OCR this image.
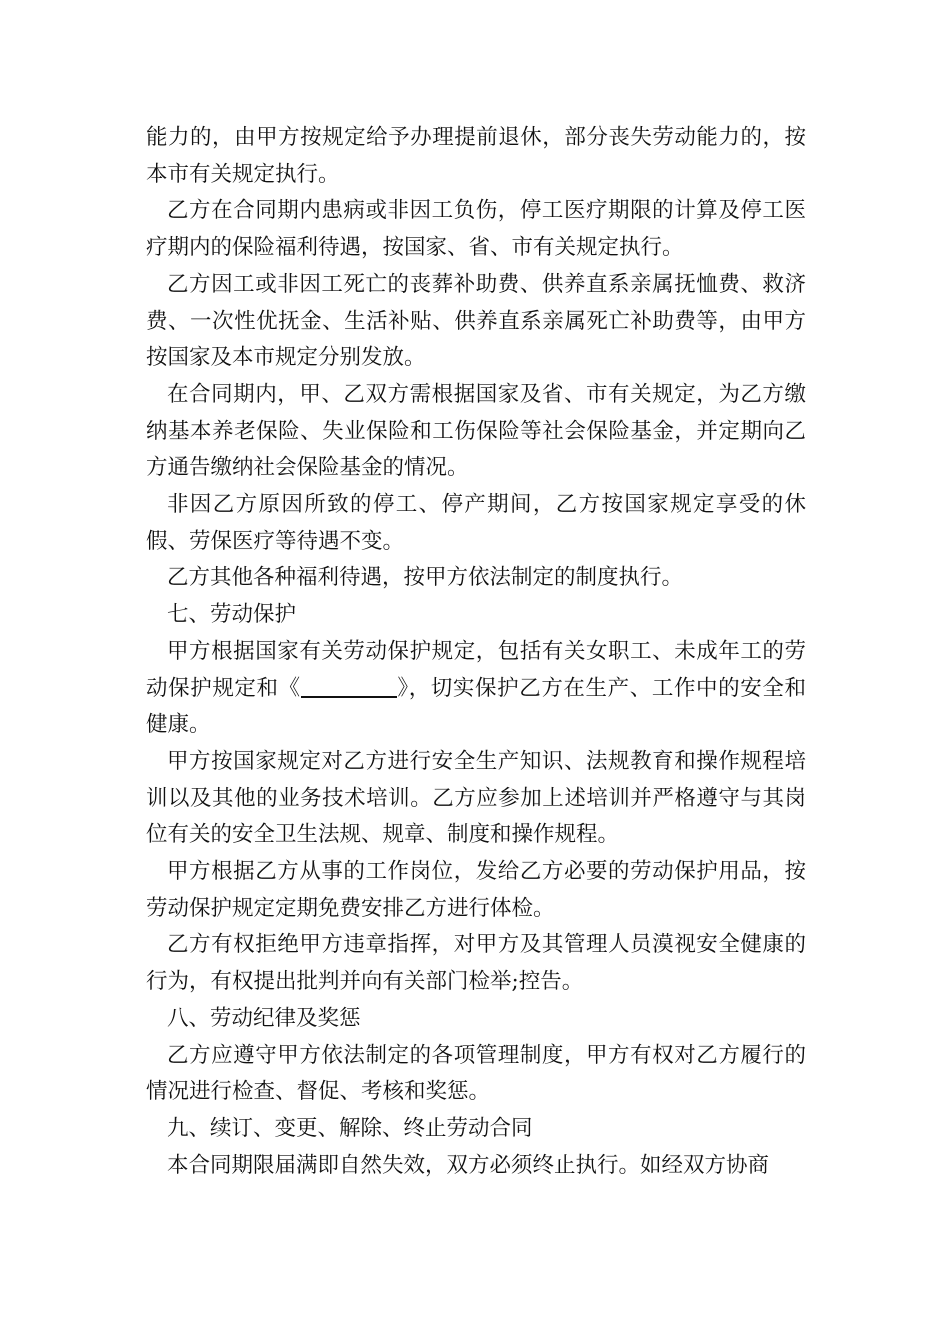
能力的，由甲方按规定给予办理提前退休，部分丧失劳动能力的，按本市有关规定执行。

乙方在合同期内患病或非因工负伤，停工医疗期限的计算及停工医疗期内的保险福利待遇，按国家、省、市有关规定执行。

乙方因工或非因工死亡的丧葬补助费、供养直系亲属抚恤费、救济费、一次性优抚金、生活补贴、供养直系亲属死亡补助费等，由甲方按国家及本市规定分别发放。

在合同期内，甲、乙双方需根据国家及省、市有关规定，为乙方缴纳基本养老保险、失业保险和工伤保险等社会保险基金，并定期向乙方通告缴纳社会保险基金的情况。

非因乙方原因所致的停工、停产期间，乙方按国家规定享受的休假、劳保医疗等待遇不变。

乙方其他各种福利待遇，按甲方依法制定的制度执行。

七、劳动保护

甲方根据国家有关劳动保护规定，包括有关女职工、未成年工的劳动保护规定和《	》，切实保护乙方在生产、工作中的安全和健康。

甲方按国家规定对乙方进行安全生产知识、法规教育和操作规程培训以及其他的业务技术培训。乙方应参加上述培训并严格遵守与其岗位有关的安全卫生法规、规章、制度和操作规程。

甲方根据乙方从事的工作岗位，发给乙方必要的劳动保护用品，按劳动保护规定定期免费安排乙方进行体检。

乙方有权拒绝甲方违章指挥，对甲方及其管理人员漠视安全健康的行为，有权提出批判并向有关部门检举;控告。

八、劳动纪律及奖惩

乙方应遵守甲方依法制定的各项管理制度，甲方有权对乙方履行的情况进行检查、督促、考核和奖惩。

九、续订、变更、解除、终止劳动合同

本合同期限届满即自然失效，双方必须终止执行。如经双方协商
